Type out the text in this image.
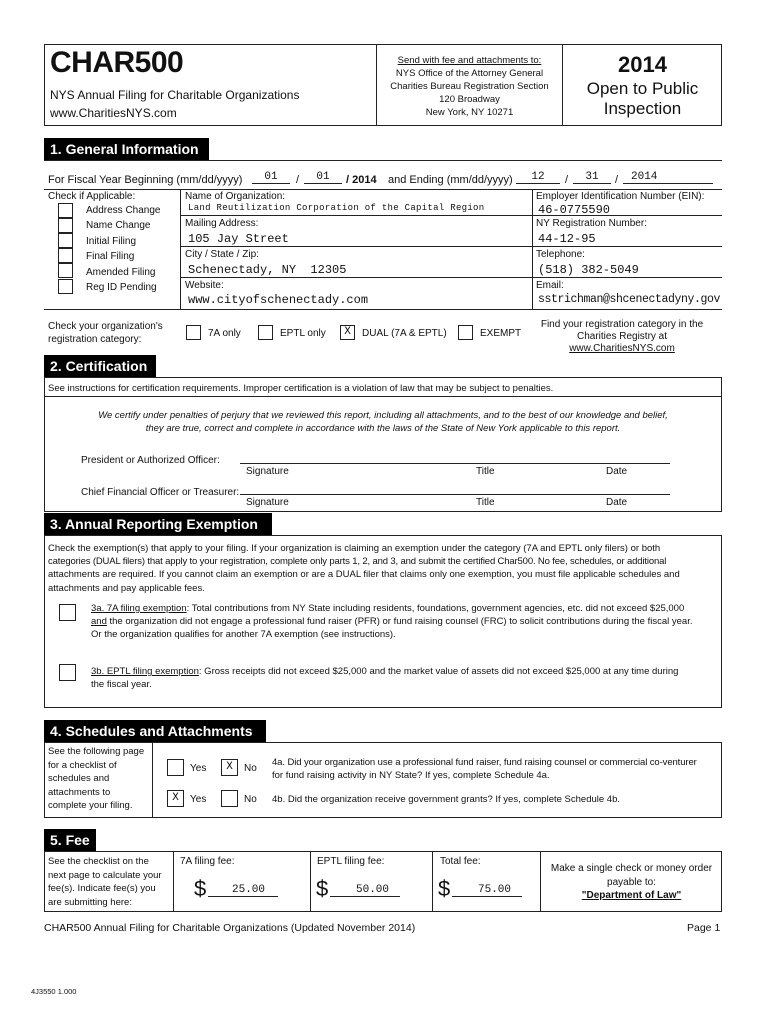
CHAR500
NYS Annual Filing for Charitable Organizations
www.CharitiesNYS.com
Send with fee and attachments to:
NYS Office of the Attorney General
Charities Bureau Registration Section
120 Broadway
New York, NY 10271
2014
Open to Public
Inspection
1. General Information
For Fiscal Year Beginning (mm/dd/yyyy)	01	/	01	/ 2014 and Ending (mm/dd/yyyy)	12	/	31	/	2014
Check if Applicable:
Address Change
Name Change
Initial Filing
Final Filing
Amended Filing
Reg ID Pending
Name of Organization:
Land Reutilization Corporation of the Capital Region
Mailing Address:
105 Jay Street
City / State / Zip:
Schenectady, NY  12305
Website:
www.cityofschenectady.com
Employer Identification Number (EIN):
46-0775590
NY Registration Number:
44-12-95
Telephone:
(518) 382-5049
Email:
sstrichman@shcenectadyny.gov
Check your organization's
registration category:
7A only	EPTL only	X	DUAL (7A & EPTL)	EXEMPT
Find your registration category in the
Charities Registry at www.CharitiesNYS.com
2. Certification
See instructions for certification requirements. Improper certification is a violation of law that may be subject to penalties.
We certify under penalties of perjury that we reviewed this report, including all attachments, and to the best of our knowledge and belief,
they are true, correct and complete in accordance with the laws of the State of New York applicable to this report.
President or Authorized Officer:
Signature	Title	Date
Chief Financial Officer or Treasurer:
Signature	Title	Date
3. Annual Reporting Exemption
Check the exemption(s) that apply to your filing. If your organization is claiming an exemption under the category (7A and EPTL only filers) or both
categories (DUAL filers) that apply to your registration, complete only parts 1, 2, and 3, and submit the certified Char500. No fee, schedules, or additional
attachments are required. If you cannot claim an exemption or are a DUAL filer that claims only one exemption, you must file applicable schedules and
attachments and pay applicable fees.
3a. 7A filing exemption: Total contributions from NY State including residents, foundations, government agencies, etc. did not exceed $25,000
and the organization did not engage a professional fund raiser (PFR) or fund raising counsel (FRC) to solicit contributions during the fiscal year.
Or the organization qualifies for another 7A exemption (see instructions).
3b. EPTL filing exemption: Gross receipts did not exceed $25,000 and the market value of assets did not exceed $25,000 at any time during
the fiscal year.
4. Schedules and Attachments
See the following page
for a checklist of
schedules and
attachments to
complete your filing.
Yes	X	No
4a. Did your organization use a professional fund raiser, fund raising counsel or commercial co-venturer
for fund raising activity in NY State? If yes, complete Schedule 4a.
X	Yes	No 4b. Did the organization receive government grants? If yes, complete Schedule 4b.
5. Fee
See the checklist on the
next page to calculate your
fee(s). Indicate fee(s) you
are submitting here:
7A filing fee:
$	25.00
EPTL filing fee:
$	50.00
Total fee:
$	75.00
Make a single check or money order
payable to:
"Department of Law"
CHAR500 Annual Filing for Charitable Organizations (Updated November 2014)	Page 1
4J3550 1.000
